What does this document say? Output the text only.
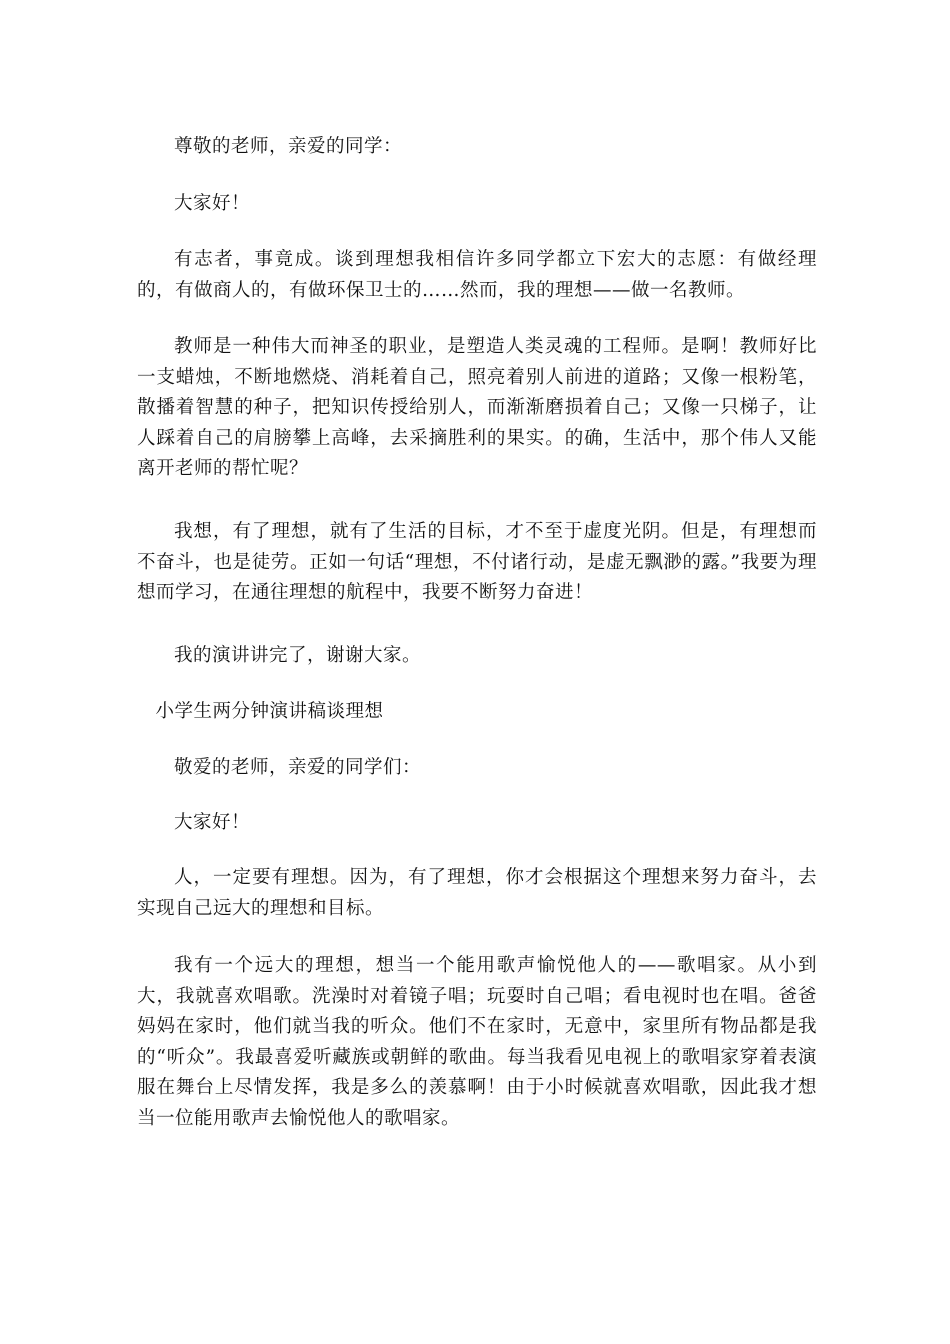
尊敬的老师，亲爱的同学：

大家好！

有志者，事竟成。谈到理想我相信许多同学都立下宏大的志愿：有做经理的，有做商人的，有做环保卫士的……然而，我的理想——做一名教师。

教师是一种伟大而神圣的职业，是塑造人类灵魂的工程师。是啊！教师好比一支蜡烛，不断地燃烧、消耗着自己，照亮着别人前进的道路；又像一根粉笔，散播着智慧的种子，把知识传授给别人，而渐渐磨损着自己；又像一只梯子，让人踩着自己的肩膀攀上高峰，去采摘胜利的果实。的确，生活中，那个伟人又能离开老师的帮忙呢？

我想，有了理想，就有了生活的目标，才不至于虚度光阴。但是，有理想而不奋斗，也是徒劳。正如一句话“理想，不付诸行动，是虚无飘渺的露。”我要为理想而学习，在通往理想的航程中，我要不断努力奋进！

我的演讲讲完了，谢谢大家。

小学生两分钟演讲稿谈理想

敬爱的老师，亲爱的同学们：

大家好！

人，一定要有理想。因为，有了理想，你才会根据这个理想来努力奋斗，去实现自己远大的理想和目标。

我有一个远大的理想，想当一个能用歌声愉悦他人的——歌唱家。从小到大，我就喜欢唱歌。洗澡时对着镜子唱；玩耍时自己唱；看电视时也在唱。爸爸妈妈在家时，他们就当我的听众。他们不在家时，无意中，家里所有物品都是我的“听众”。我最喜爱听藏族或朝鲜的歌曲。每当我看见电视上的歌唱家穿着表演服在舞台上尽情发挥，我是多么的羡慕啊！由于小时候就喜欢唱歌，因此我才想当一位能用歌声去愉悦他人的歌唱家。
